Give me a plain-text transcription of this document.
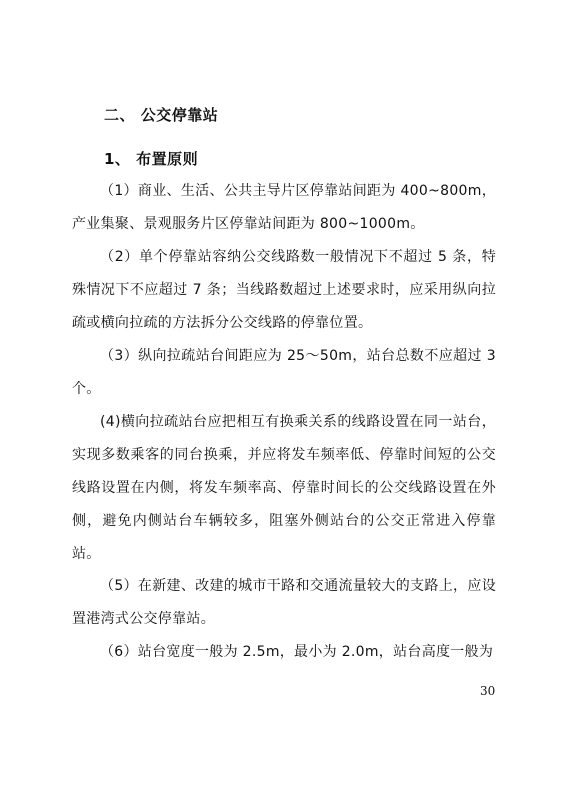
二、 公交停靠站
1、 布置原则
（1）商业、生活、公共主导片区停靠站间距为 400~800m，产业集聚、景观服务片区停靠站间距为 800~1000m。
（2）单个停靠站容纳公交线路数一般情况下不超过 5 条，特殊情况下不应超过 7 条；当线路数超过上述要求时，应采用纵向拉疏或横向拉疏的方法拆分公交线路的停靠位置。
（3）纵向拉疏站台间距应为 25～50m，站台总数不应超过 3 个。
(4)横向拉疏站台应把相互有换乘关系的线路设置在同一站台，实现多数乘客的同台换乘，并应将发车频率低、停靠时间短的公交线路设置在内侧，将发车频率高、停靠时间长的公交线路设置在外侧，避免内侧站台车辆较多，阻塞外侧站台的公交正常进入停靠站。
（5）在新建、改建的城市干路和交通流量较大的支路上，应设置港湾式公交停靠站。
（6）站台宽度一般为 2.5m，最小为 2.0m，站台高度一般为
30
